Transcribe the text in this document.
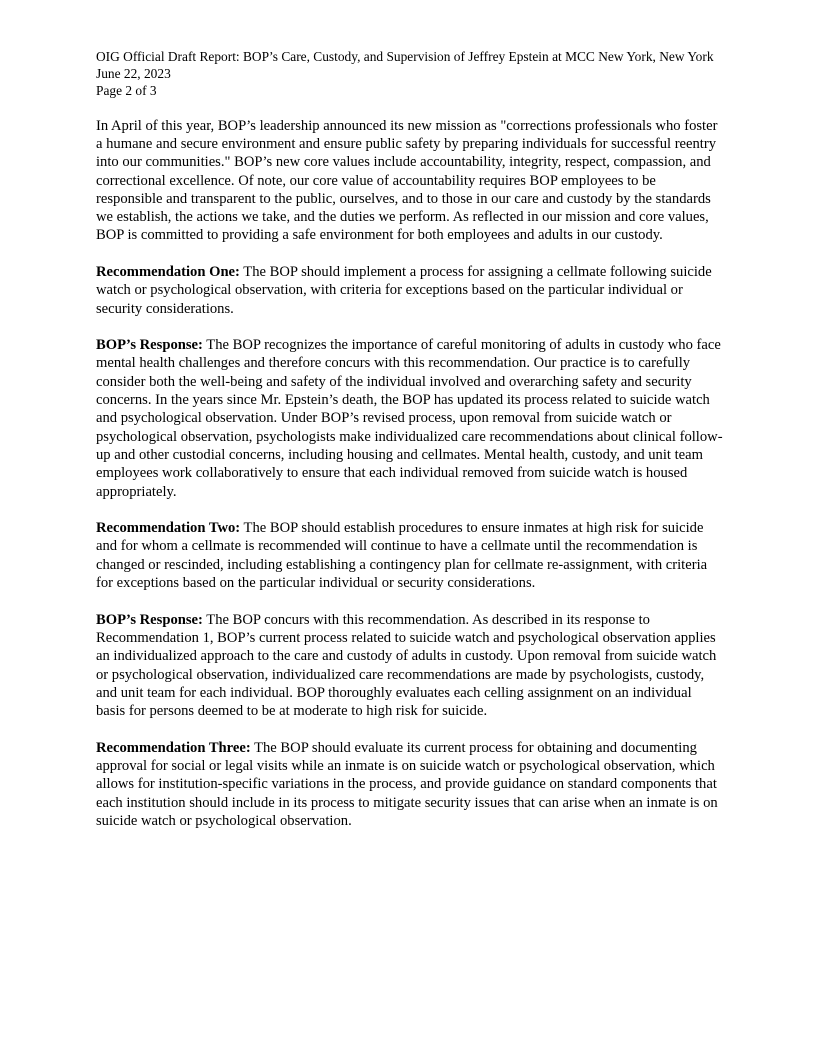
OIG Official Draft Report: BOP’s Care, Custody, and Supervision of Jeffrey Epstein at MCC New York, New York
June 22, 2023
Page 2 of 3

In April of this year, BOP’s leadership announced its new mission as "corrections professionals who foster a humane and secure environment and ensure public safety by preparing individuals for successful reentry into our communities." BOP’s new core values include accountability, integrity, respect, compassion, and correctional excellence. Of note, our core value of accountability requires BOP employees to be responsible and transparent to the public, ourselves, and to those in our care and custody by the standards we establish, the actions we take, and the duties we perform. As reflected in our mission and core values, BOP is committed to providing a safe environment for both employees and adults in our custody.

Recommendation One: The BOP should implement a process for assigning a cellmate following suicide watch or psychological observation, with criteria for exceptions based on the particular individual or security considerations.

BOP’s Response: The BOP recognizes the importance of careful monitoring of adults in custody who face mental health challenges and therefore concurs with this recommendation. Our practice is to carefully consider both the well-being and safety of the individual involved and overarching safety and security concerns. In the years since Mr. Epstein’s death, the BOP has updated its process related to suicide watch and psychological observation. Under BOP’s revised process, upon removal from suicide watch or psychological observation, psychologists make individualized care recommendations about clinical follow-up and other custodial concerns, including housing and cellmates. Mental health, custody, and unit team employees work collaboratively to ensure that each individual removed from suicide watch is housed appropriately.

Recommendation Two: The BOP should establish procedures to ensure inmates at high risk for suicide and for whom a cellmate is recommended will continue to have a cellmate until the recommendation is changed or rescinded, including establishing a contingency plan for cellmate re-assignment, with criteria for exceptions based on the particular individual or security considerations.

BOP’s Response: The BOP concurs with this recommendation. As described in its response to Recommendation 1, BOP’s current process related to suicide watch and psychological observation applies an individualized approach to the care and custody of adults in custody. Upon removal from suicide watch or psychological observation, individualized care recommendations are made by psychologists, custody, and unit team for each individual. BOP thoroughly evaluates each celling assignment on an individual basis for persons deemed to be at moderate to high risk for suicide.

Recommendation Three: The BOP should evaluate its current process for obtaining and documenting approval for social or legal visits while an inmate is on suicide watch or psychological observation, which allows for institution-specific variations in the process, and provide guidance on standard components that each institution should include in its process to mitigate security issues that can arise when an inmate is on suicide watch or psychological observation.
